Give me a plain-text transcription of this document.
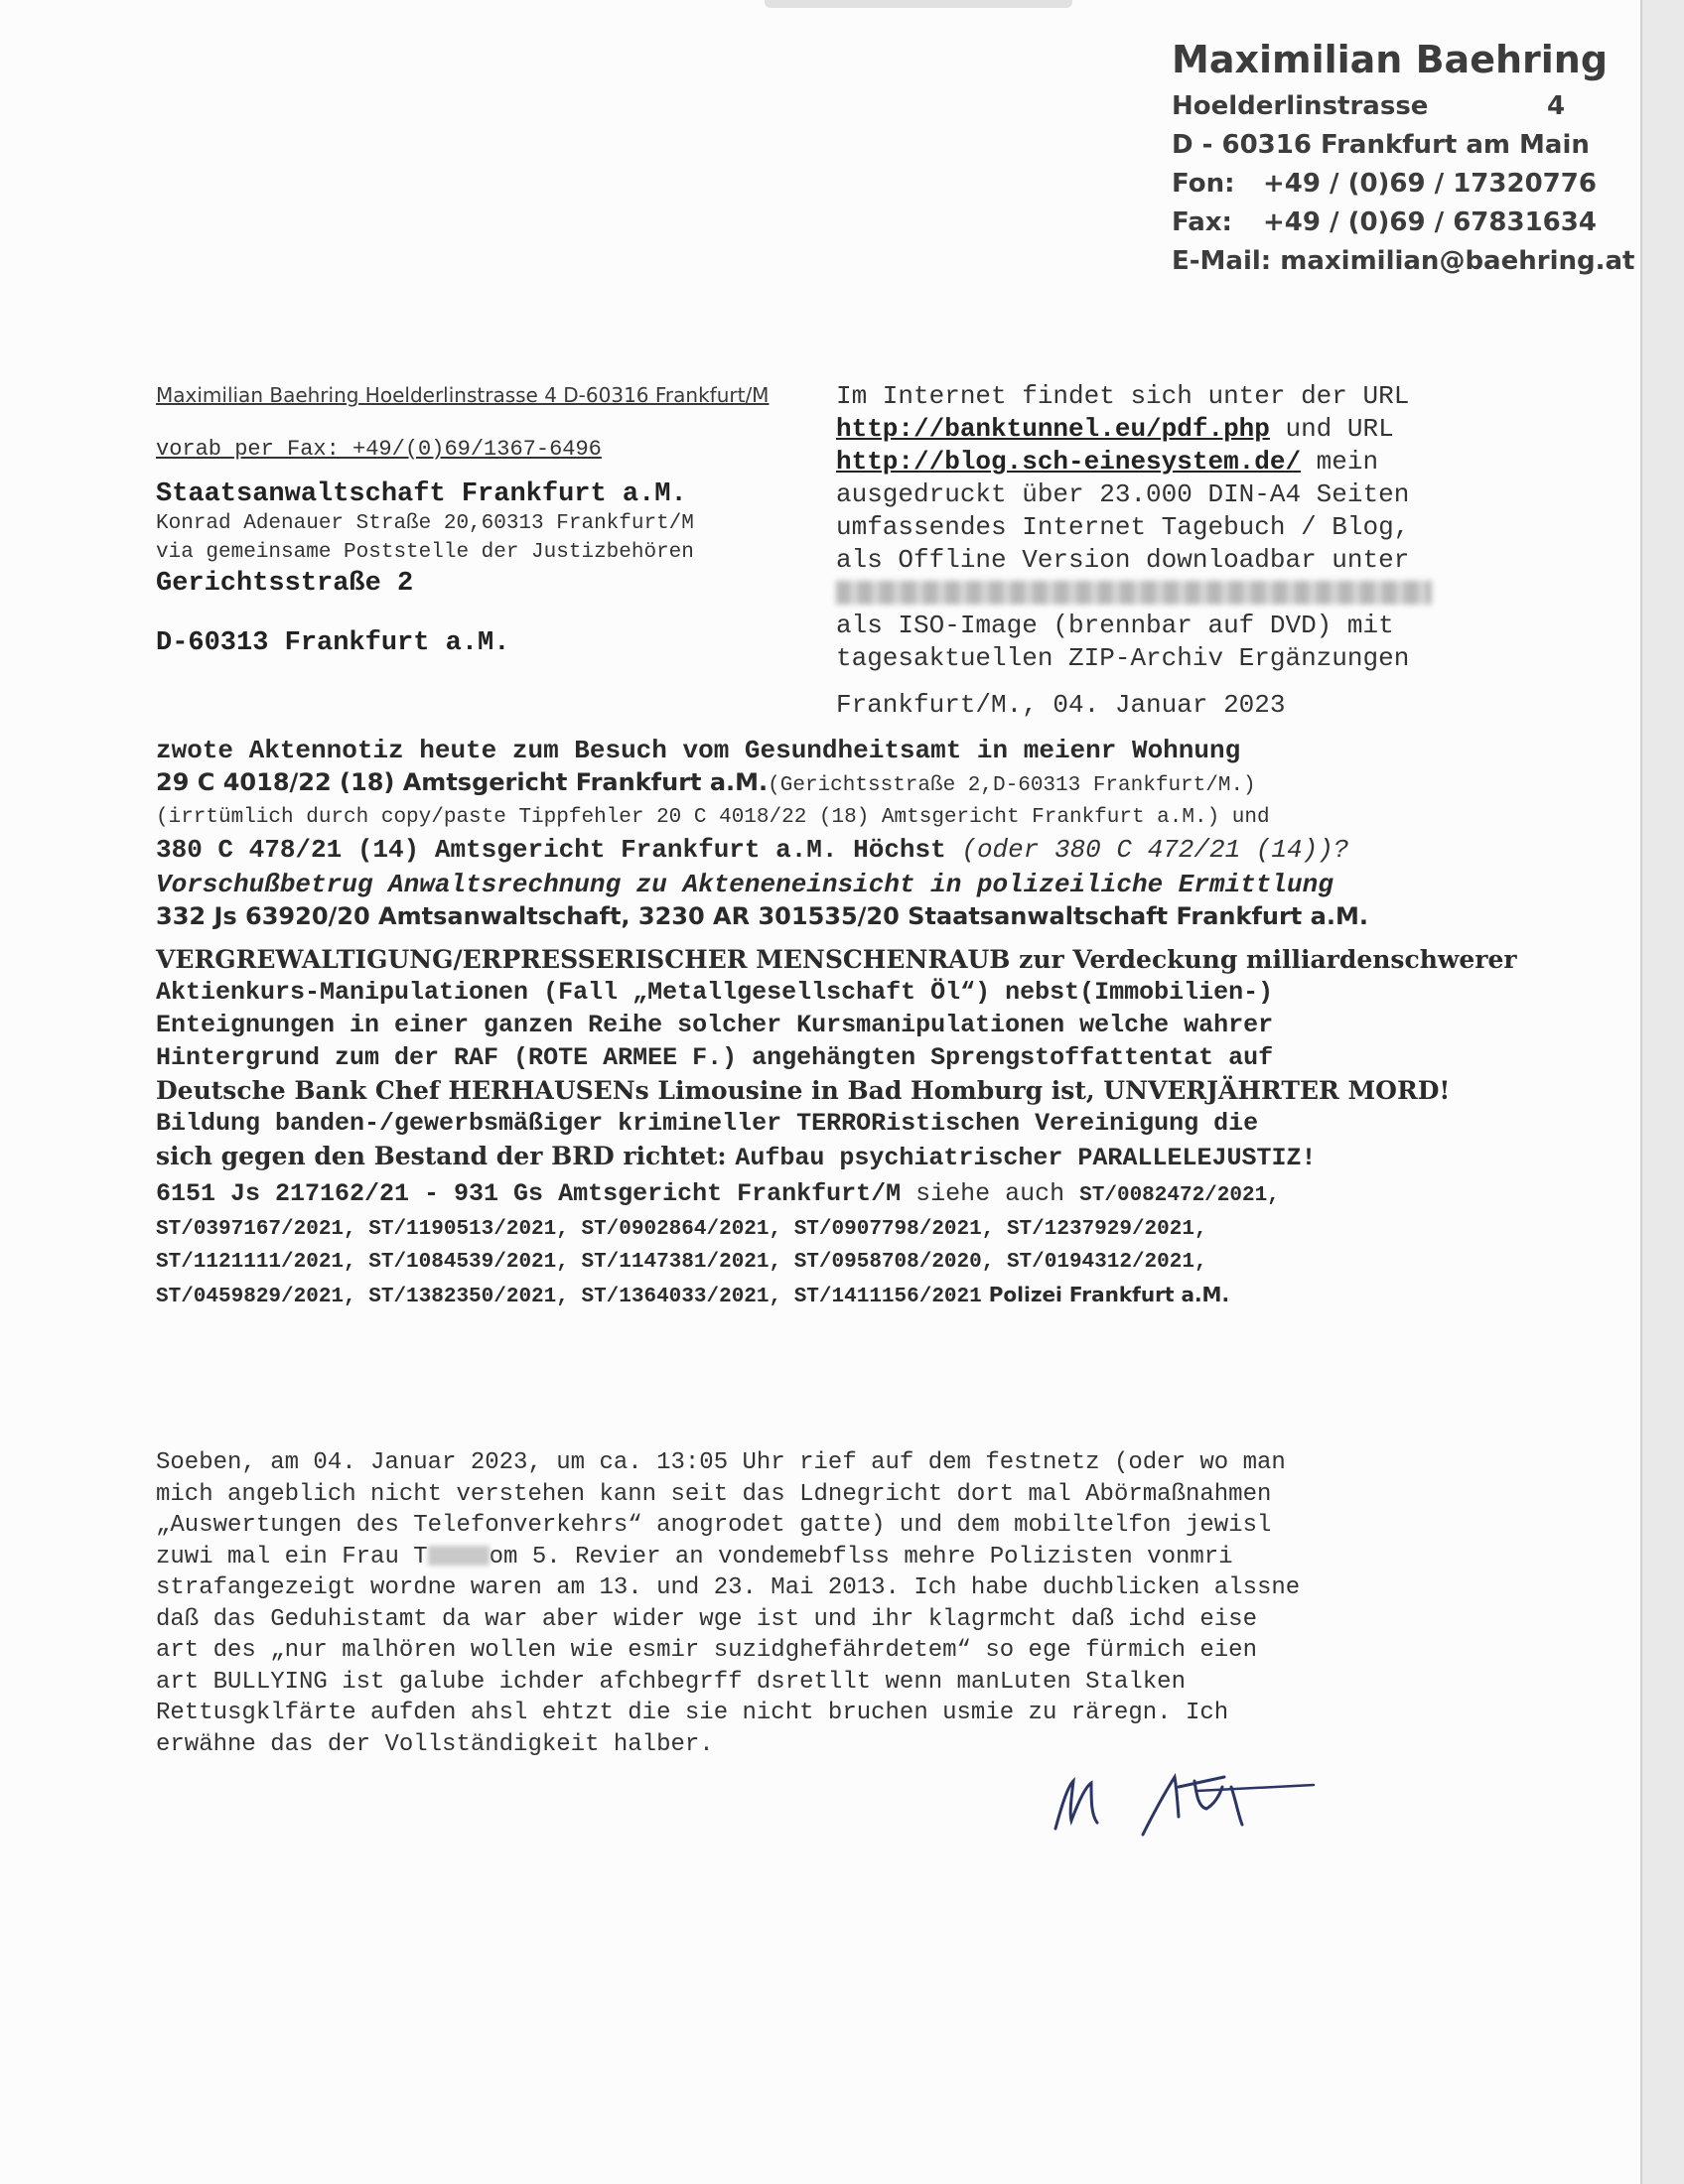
Maximilian Baehring
Hoelderlinstrasse	4
D - 60316 Frankfurt am Main
Fon: +49 / (0)69 / 17320776
Fax: +49 / (0)69 / 67831634
E-Mail: maximilian@baehring.at
Maximilian Baehring Hoelderlinstrasse 4 D-60316 Frankfurt/M
vorab per Fax: +49/(0)69/1367-6496
Staatsanwaltschaft Frankfurt a.M.
Konrad Adenauer Straße 20,60313 Frankfurt/M
via gemeinsame Poststelle der Justizbehören
Gerichtsstraße 2
D-60313 Frankfurt a.M.
Im Internet findet sich unter der URL
http://banktunnel.eu/pdf.php und URL
http://blog.sch-einesystem.de/ mein
ausgedruckt über 23.000 DIN-A4 Seiten
umfassendes Internet Tagebuch / Blog,
als Offline Version downloadbar unter
als ISO-Image (brennbar auf DVD) mit
tagesaktuellen ZIP-Archiv Ergänzungen
Frankfurt/M., 04. Januar 2023
zwote Aktennotiz heute zum Besuch vom Gesundheitsamt in meienr Wohnung
29 C 4018/22 (18) Amtsgericht Frankfurt a.M.(Gerichtsstraße 2,D-60313 Frankfurt/M.)
(irrtümlich durch copy/paste Tippfehler 20 C 4018/22 (18) Amtsgericht Frankfurt a.M.) und
380 C 478/21 (14) Amtsgericht Frankfurt a.M. Höchst (oder 380 C 472/21 (14))?
Vorschußbetrug Anwaltsrechnung zu Akteneneinsicht in polizeiliche Ermittlung
332 Js 63920/20 Amtsanwaltschaft, 3230 AR 301535/20 Staatsanwaltschaft Frankfurt a.M.
VERGREWALTIGUNG/ERPRESSERISCHER MENSCHENRAUB zur Verdeckung milliardenschwerer
Aktienkurs-Manipulationen (Fall „Metallgesellschaft Öl“) nebst(Immobilien-)
Enteignungen in einer ganzen Reihe solcher Kursmanipulationen welche wahrer
Hintergrund zum der RAF (ROTE ARMEE F.) angehängten Sprengstoffattentat auf
Deutsche Bank Chef HERHAUSENs Limousine in Bad Homburg ist, UNVERJÄHRTER MORD!
Bildung banden-/gewerbsmäßiger krimineller TERRORistischen Vereinigung die
sich gegen den Bestand der BRD richtet: Aufbau psychiatrischer PARALLELEJUSTIZ!
6151 Js 217162/21 - 931 Gs Amtsgericht Frankfurt/M siehe auch ST/0082472/2021,
ST/0397167/2021, ST/1190513/2021, ST/0902864/2021, ST/0907798/2021, ST/1237929/2021,
ST/1121111/2021, ST/1084539/2021, ST/1147381/2021, ST/0958708/2020, ST/0194312/2021,
ST/0459829/2021, ST/1382350/2021, ST/1364033/2021, ST/1411156/2021 Polizei Frankfurt a.M.
Soeben, am 04. Januar 2023, um ca. 13:05 Uhr rief auf dem festnetz (oder wo man
mich angeblich nicht verstehen kann seit das Ldnegricht dort mal Abörmaßnahmen
„Auswertungen des Telefonverkehrs“ anogrodet gatte) und dem mobiltelfon jewisl
zuwi mal ein Frau T	om 5. Revier an vondemebflss mehre Polizisten vonmri
strafangezeigt wordne waren am 13. und 23. Mai 2013. Ich habe duchblicken alssne
daß das Geduhistamt da war aber wider wge ist und ihr klagrmcht daß ichd eise
art des „nur malhören wollen wie esmir suzidghefährdetem“ so ege fürmich eien
art BULLYING ist galube ichder afchbegrff dsretllt wenn manLuten Stalken
Rettusgklfärte aufden ahsl ehtzt die sie nicht bruchen usmie zu räregn. Ich
erwähne das der Vollständigkeit halber.
